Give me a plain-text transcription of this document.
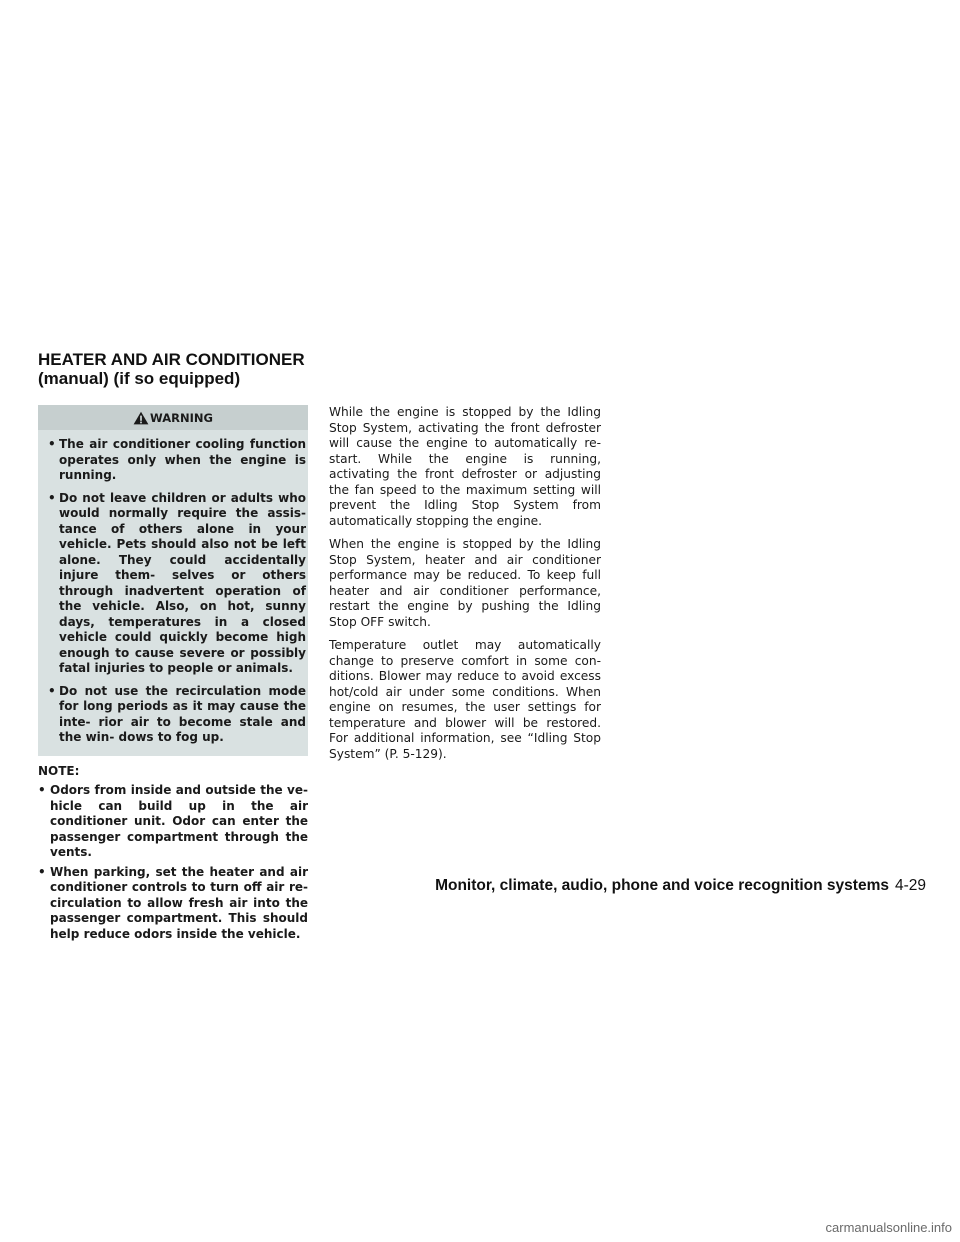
HEATER AND AIR CONDITIONER
(manual) (if so equipped)
WARNING
• The air conditioner cooling function operates only when the engine is running.
• Do not leave children or adults who would normally require the assis- tance of others alone in your vehicle. Pets should also not be left alone. They could accidentally injure them- selves or others through inadvertent operation of the vehicle. Also, on hot, sunny days, temperatures in a closed vehicle could quickly become high enough to cause severe or possibly fatal injuries to people or animals.
• Do not use the recirculation mode for long periods as it may cause the inte- rior air to become stale and the win- dows to fog up.
NOTE:
• Odors from inside and outside the ve- hicle can build up in the air conditioner unit. Odor can enter the passenger compartment through the vents.
• When parking, set the heater and air conditioner controls to turn off air re- circulation to allow fresh air into the passenger compartment. This should help reduce odors inside the vehicle.

While the engine is stopped by the Idling Stop System, activating the front defroster will cause the engine to automatically re- start. While the engine is running, activating the front defroster or adjusting the fan speed to the maximum setting will prevent the Idling Stop System from automatically stopping the engine.

When the engine is stopped by the Idling Stop System, heater and air conditioner performance may be reduced. To keep full heater and air conditioner performance, restart the engine by pushing the Idling Stop OFF switch.

Temperature outlet may automatically change to preserve comfort in some con- ditions. Blower may reduce to avoid excess hot/cold air under some conditions. When engine on resumes, the user settings for temperature and blower will be restored. For additional information, see “Idling Stop System” (P. 5-129).

Monitor, climate, audio, phone and voice recognition systems 4-29
carmanualsonline.info
